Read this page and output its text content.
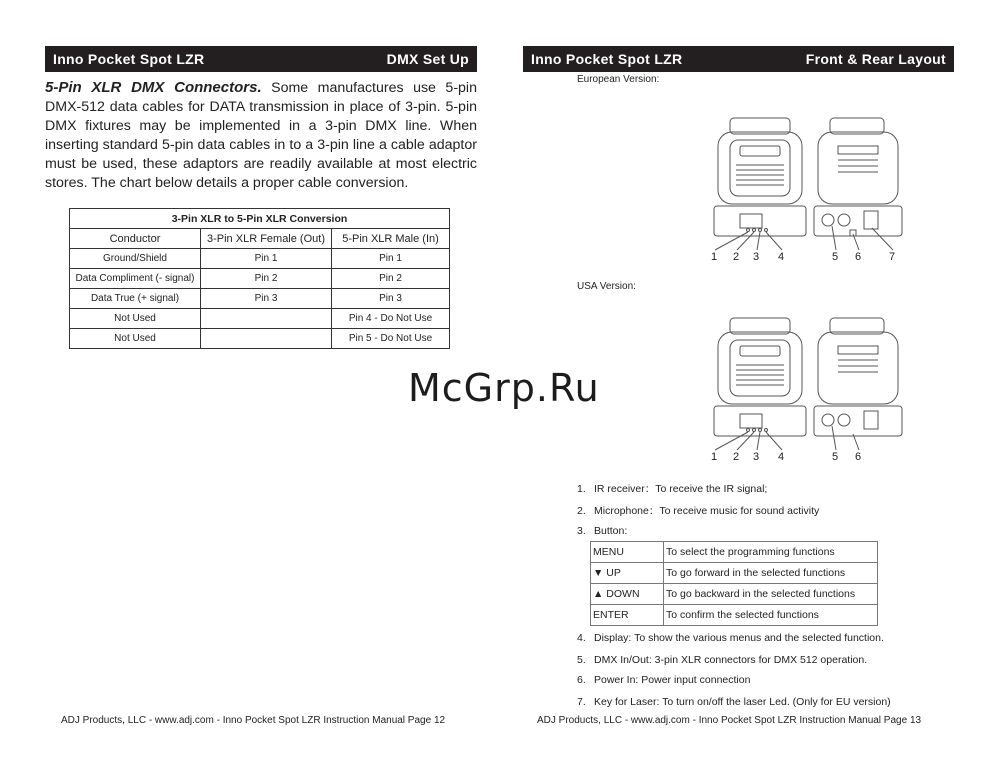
Inno Pocket Spot LZR	DMX Set Up
5-Pin XLR DMX Connectors. Some manufactures use 5-pin DMX-512 data cables for DATA transmission in place of 3-pin. 5-pin DMX fixtures may be implemented in a 3-pin DMX line. When inserting standard 5-pin data cables in to a 3-pin line a cable adaptor must be used, these adaptors are readily available at most electric stores. The chart below details a proper cable conversion.
3-Pin XLR to 5-Pin XLR Conversion		
Conductor	3-Pin XLR Female (Out)	5-Pin XLR Male (In)
Ground/Shield	Pin 1	Pin 1
Data Compliment (- signal)	Pin 2	Pin 2
Data True (+ signal)	Pin 3	Pin 3
Not Used		Pin 4 - Do Not Use
Not Used		Pin 5 - Do Not Use
ADJ Products, LLC - www.adj.com - Inno Pocket Spot LZR Instruction Manual Page 12
Inno Pocket Spot LZR	Front & Rear Layout
European Version:
1 2 3 4	5 6	7
USA Version:
1 2 3 4	5 6
1. IR receiver：To receive the IR signal;
2. Microphone：To receive music for sound activity
3. Button:
MENU	To select the programming functions
▼ UP	To go forward in the selected functions
▲ DOWN	To go backward in the selected functions
ENTER	To confirm the selected functions
4. Display: To show the various menus and the selected function.
5. DMX In/Out: 3-pin XLR connectors for DMX 512 operation.
6. Power In: Power input connection
7. Key for Laser: To turn on/off the laser Led. (Only for EU version)
ADJ Products, LLC - www.adj.com - Inno Pocket Spot LZR Instruction Manual Page 13
McGrp.Ru
